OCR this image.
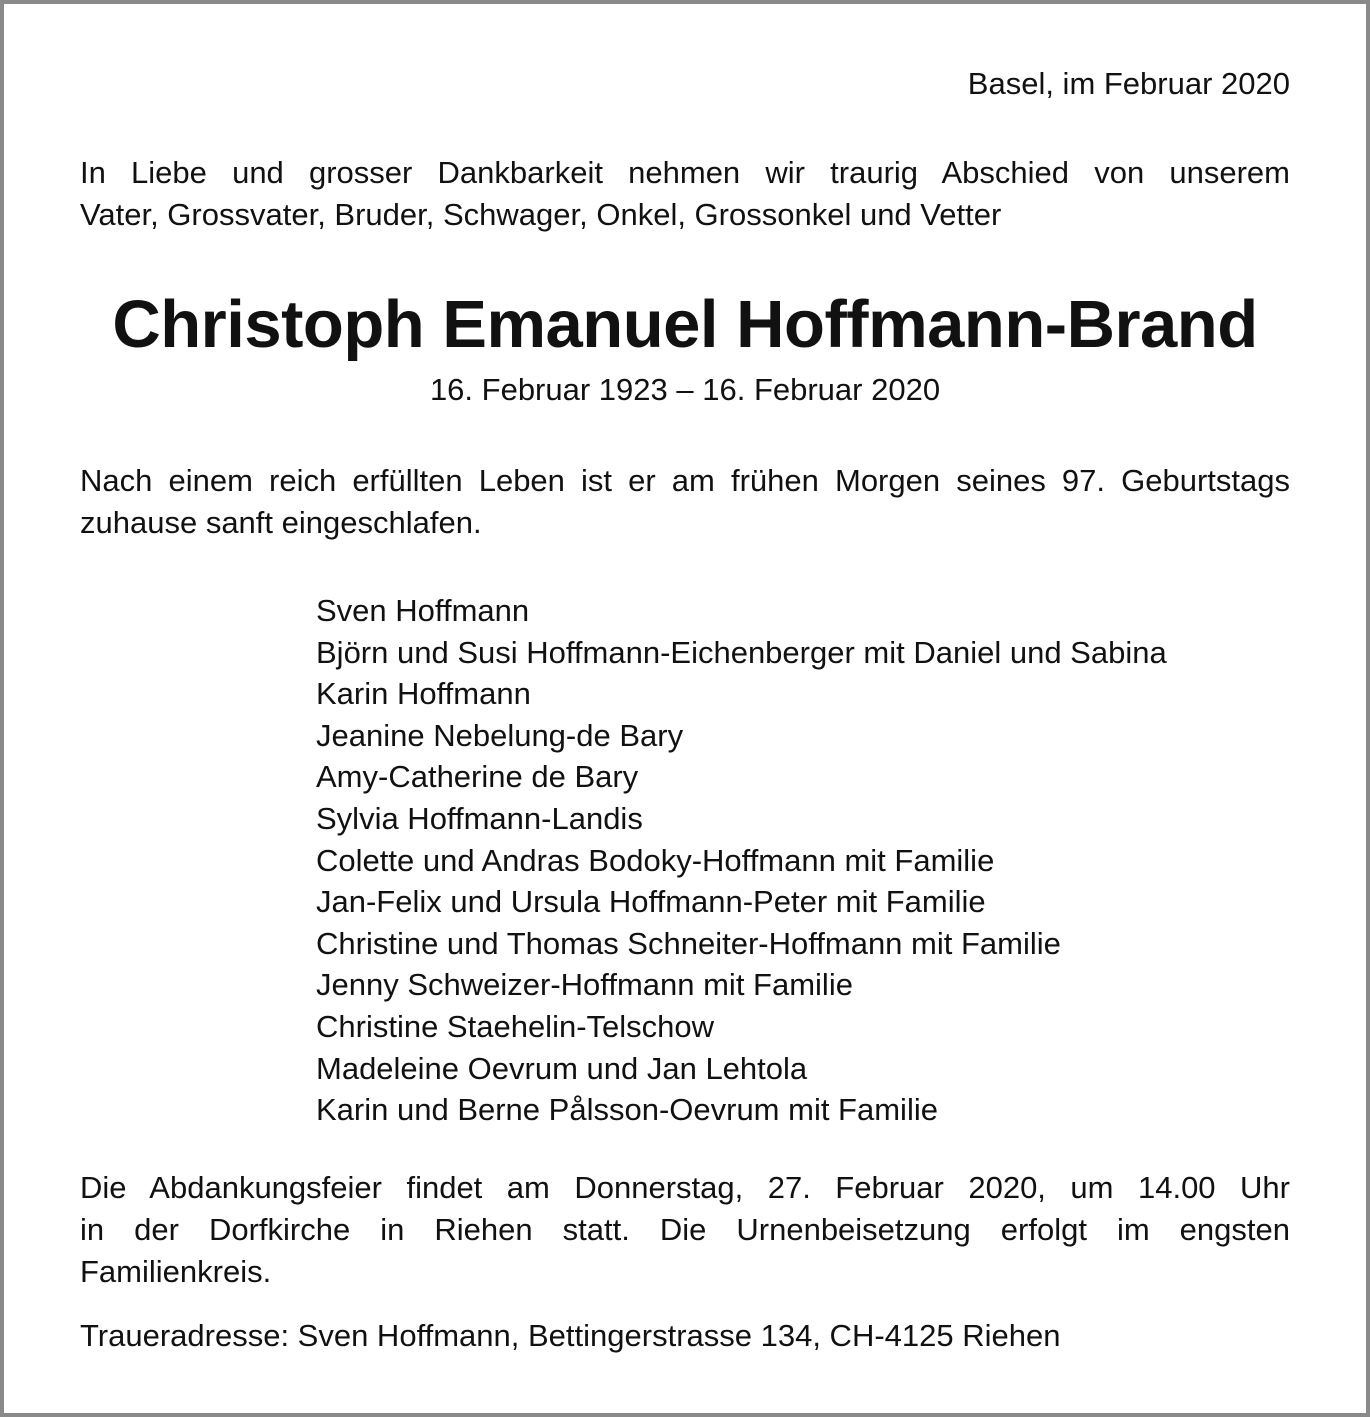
Basel, im Februar 2020
In Liebe und grosser Dankbarkeit nehmen wir traurig Abschied von unserem
Vater, Grossvater, Bruder, Schwager, Onkel, Grossonkel und Vetter
Christoph Emanuel Hoffmann-Brand
16. Februar 1923 – 16. Februar 2020
Nach einem reich erfüllten Leben ist er am frühen Morgen seines 97. Geburtstags
zuhause sanft eingeschlafen.
Sven Hoffmann
Björn und Susi Hoffmann-Eichenberger mit Daniel und Sabina
Karin Hoffmann
Jeanine Nebelung-de Bary
Amy-Catherine de Bary
Sylvia Hoffmann-Landis
Colette und Andras Bodoky-Hoffmann mit Familie
Jan-Felix und Ursula Hoffmann-Peter mit Familie
Christine und Thomas Schneiter-Hoffmann mit Familie
Jenny Schweizer-Hoffmann mit Familie
Christine Staehelin-Telschow
Madeleine Oevrum und Jan Lehtola
Karin und Berne Pålsson-Oevrum mit Familie
Die Abdankungsfeier findet am Donnerstag, 27. Februar 2020, um 14.00 Uhr
in der Dorfkirche in Riehen statt. Die Urnenbeisetzung erfolgt im engsten
Familienkreis.
Traueradresse: Sven Hoffmann, Bettingerstrasse 134, CH-4125 Riehen
